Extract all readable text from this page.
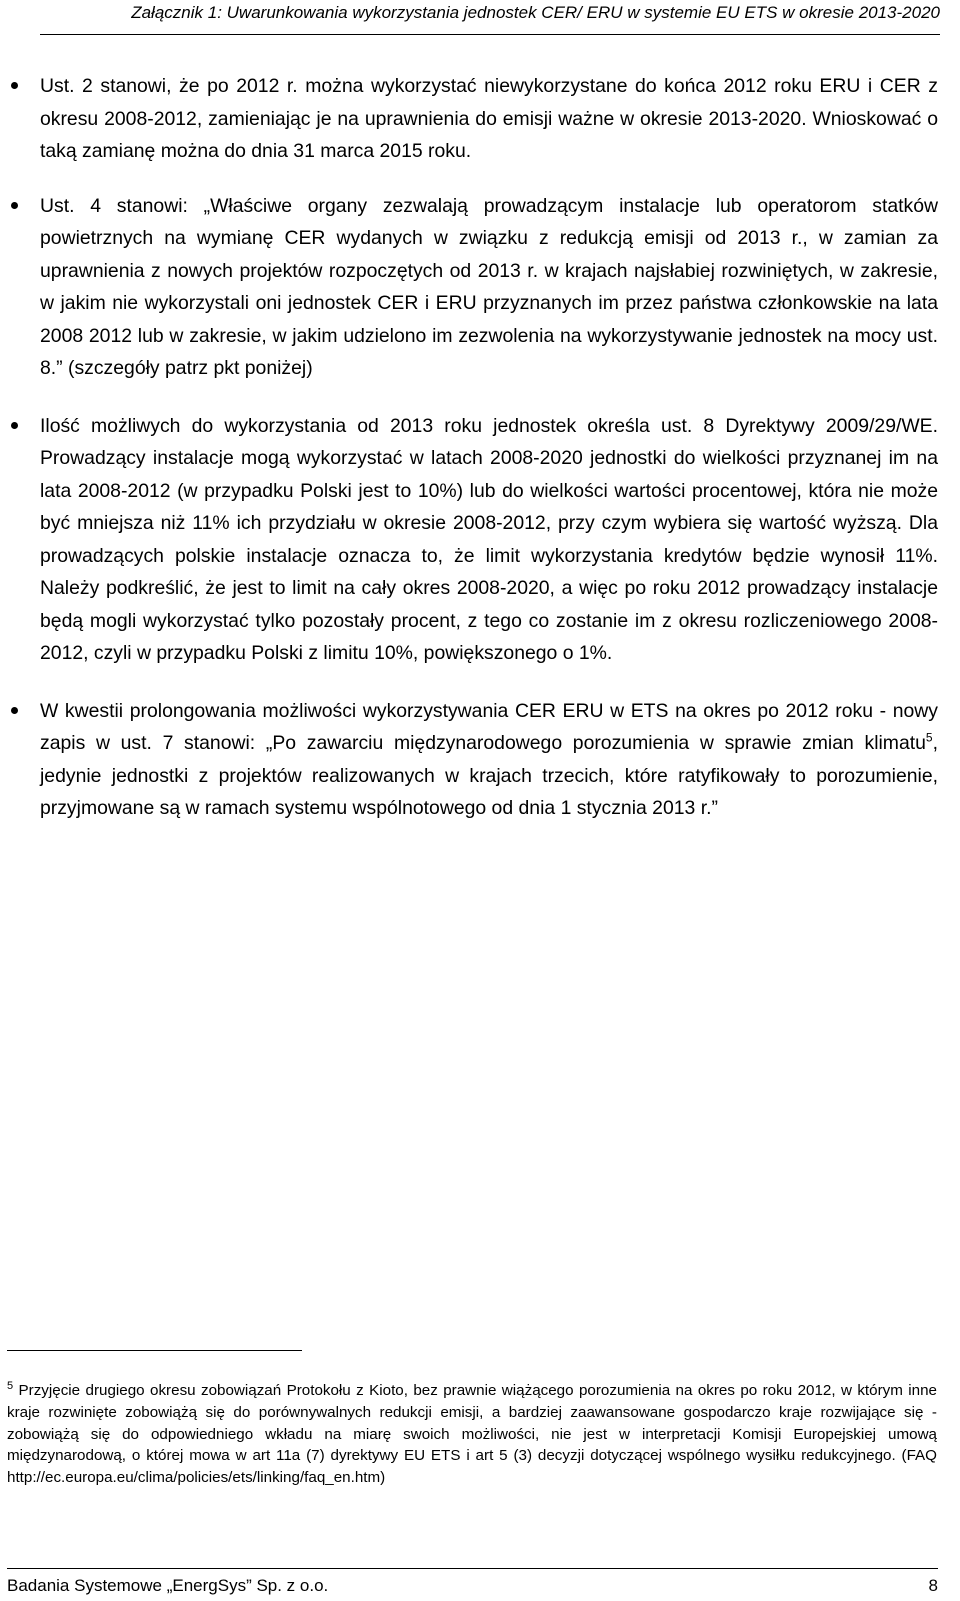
Załącznik 1: Uwarunkowania wykorzystania jednostek CER/ ERU w systemie EU ETS w okresie 2013-2020

Ust. 2 stanowi, że po 2012 r. można wykorzystać niewykorzystane do końca 2012 roku ERU i CER z okresu 2008-2012, zamieniając je na uprawnienia do emisji ważne w okresie 2013-2020. Wnioskować o taką zamianę można do dnia 31 marca 2015 roku.

Ust. 4 stanowi: „Właściwe organy zezwalają prowadzącym instalacje lub operatorom statków powietrznych na wymianę CER wydanych w związku z redukcją emisji od 2013 r., w zamian za uprawnienia z nowych projektów rozpoczętych od 2013 r. w krajach najsłabiej rozwiniętych, w zakresie, w jakim nie wykorzystali oni jednostek CER i ERU przyznanych im przez państwa członkowskie na lata 2008 2012 lub w zakresie, w jakim udzielono im zezwolenia na wykorzystywanie jednostek na mocy ust. 8.” (szczegóły patrz pkt poniżej)

Ilość możliwych do wykorzystania od 2013 roku jednostek określa ust. 8 Dyrektywy 2009/29/WE. Prowadzący instalacje mogą wykorzystać w latach 2008-2020 jednostki do wielkości przyznanej im na lata 2008-2012 (w przypadku Polski jest to 10%) lub do wielkości wartości procentowej, która nie może być mniejsza niż 11% ich przydziału w okresie 2008-2012, przy czym wybiera się wartość wyższą. Dla prowadzących polskie instalacje oznacza to, że limit wykorzystania kredytów będzie wynosił 11%. Należy podkreślić, że jest to limit na cały okres 2008-2020, a więc po roku 2012 prowadzący instalacje będą mogli wykorzystać tylko pozostały procent, z tego co zostanie im z okresu rozliczeniowego 2008-2012, czyli w przypadku Polski z limitu 10%, powiększonego o 1%.

W kwestii prolongowania możliwości wykorzystywania CER ERU w ETS na okres po 2012 roku - nowy zapis w ust. 7 stanowi: „Po zawarciu międzynarodowego porozumienia w sprawie zmian klimatu$^5$, jedynie jednostki z projektów realizowanych w krajach trzecich, które ratyfikowały to porozumienie, przyjmowane są w ramach systemu wspólnotowego od dnia 1 stycznia 2013 r.”

$^5$ Przyjęcie drugiego okresu zobowiązań Protokołu z Kioto, bez prawnie wiążącego porozumienia na okres po roku 2012, w którym inne kraje rozwinięte zobowiążą się do porównywalnych redukcji emisji, a bardziej zaawansowane gospodarczo kraje rozwijające się - zobowiążą się do odpowiedniego wkładu na miarę swoich możliwości, nie jest w interpretacji Komisji Europejskiej umową międzynarodową, o której mowa w art 11a (7) dyrektywy EU ETS i art 5 (3) decyzji dotyczącej wspólnego wysiłku redukcyjnego. (FAQ http://ec.europa.eu/clima/policies/ets/linking/faq_en.htm)
Badania Systemowe „EnergSys” Sp. z o.o.	8
